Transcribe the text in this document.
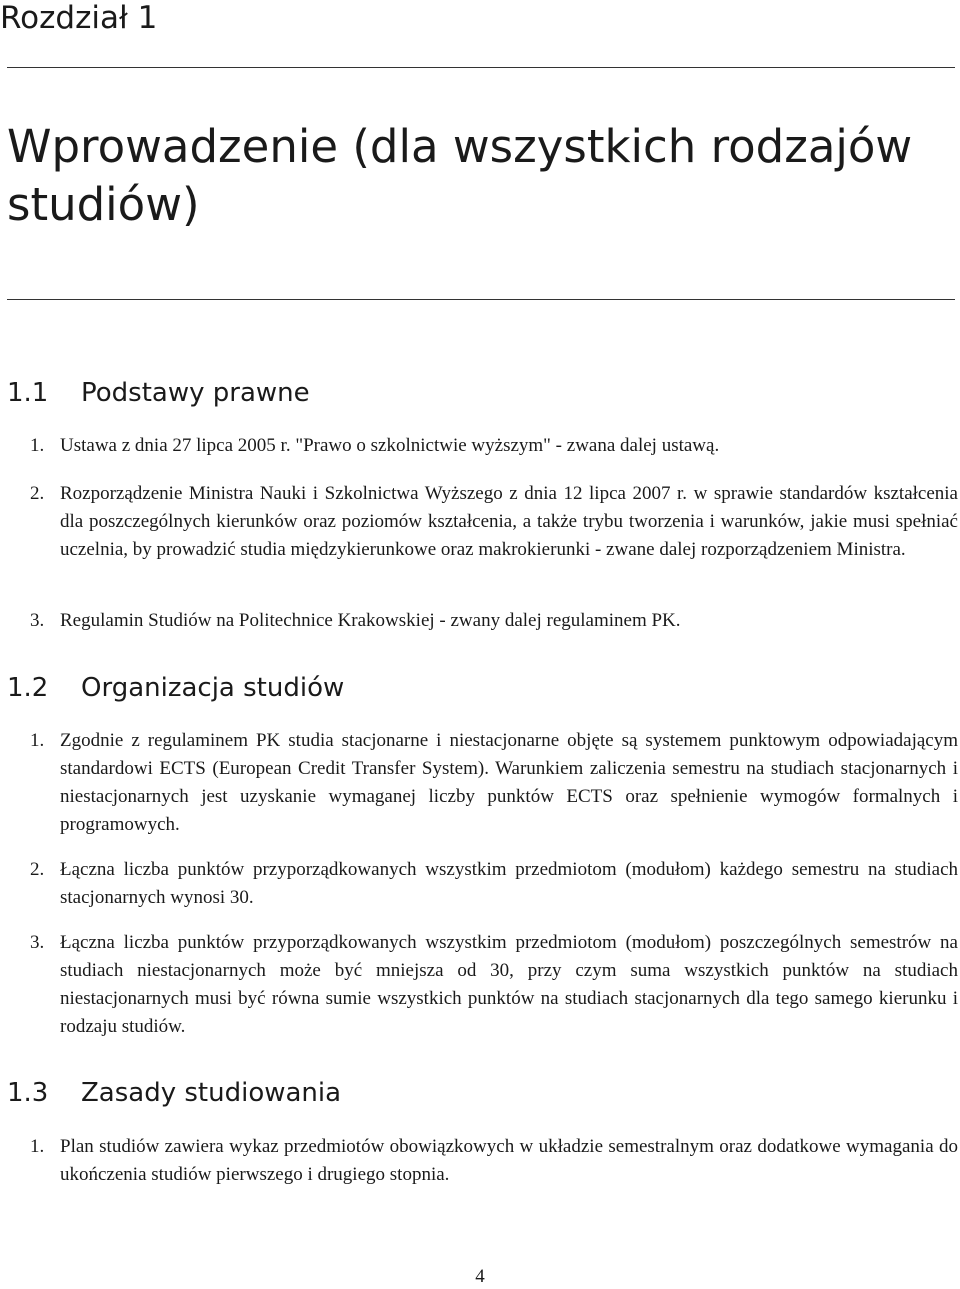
Rozdział 1
Wprowadzenie (dla wszystkich rodzajów studiów)
1.1 Podstawy prawne
1. Ustawa z dnia 27 lipca 2005 r. "Prawo o szkolnictwie wyższym" - zwana dalej ustawą.
2. Rozporządzenie Ministra Nauki i Szkolnictwa Wyższego z dnia 12 lipca 2007 r. w sprawie standardów kształcenia dla poszczególnych kierunków oraz poziomów kształcenia, a także trybu tworzenia i warunków, jakie musi spełniać uczelnia, by prowadzić studia międzykierunkowe oraz makrokierunki - zwane dalej rozporządzeniem Ministra.
3. Regulamin Studiów na Politechnice Krakowskiej - zwany dalej regulaminem PK.
1.2 Organizacja studiów
1. Zgodnie z regulaminem PK studia stacjonarne i niestacjonarne objęte są systemem punktowym odpowiadającym standardowi ECTS (European Credit Transfer System). Warunkiem zaliczenia semestru na studiach stacjonarnych i niestacjonarnych jest uzyskanie wymaganej liczby punktów ECTS oraz spełnienie wymogów formalnych i programowych.
2. Łączna liczba punktów przyporządkowanych wszystkim przedmiotom (modułom) każdego semestru na studiach stacjonarnych wynosi 30.
3. Łączna liczba punktów przyporządkowanych wszystkim przedmiotom (modułom) poszczególnych semestrów na studiach niestacjonarnych może być mniejsza od 30, przy czym suma wszystkich punktów na studiach niestacjonarnych musi być równa sumie wszystkich punktów na studiach stacjonarnych dla tego samego kierunku i rodzaju studiów.
1.3 Zasady studiowania
1. Plan studiów zawiera wykaz przedmiotów obowiązkowych w układzie semestralnym oraz dodatkowe wymagania do ukończenia studiów pierwszego i drugiego stopnia.
4
